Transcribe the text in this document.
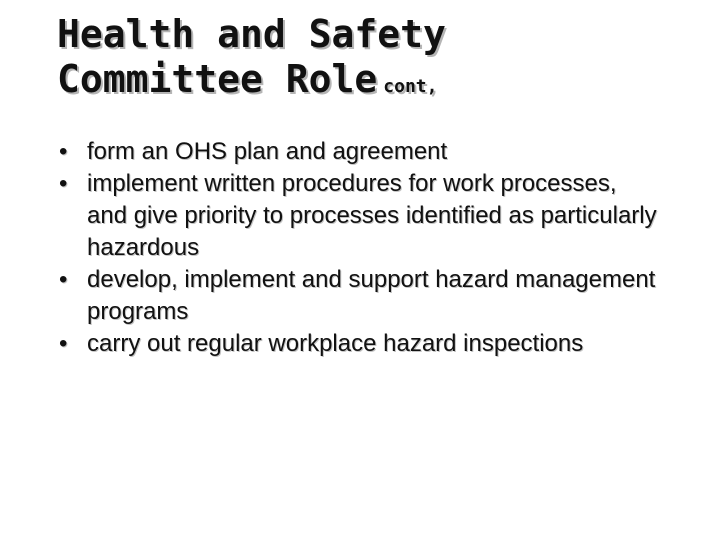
Health and Safety
Committee Role cont,
• form an OHS plan and agreement
• implement written procedures for work processes, and give priority to processes identified as particularly hazardous
• develop, implement and support hazard management programs
• carry out regular workplace hazard inspections
